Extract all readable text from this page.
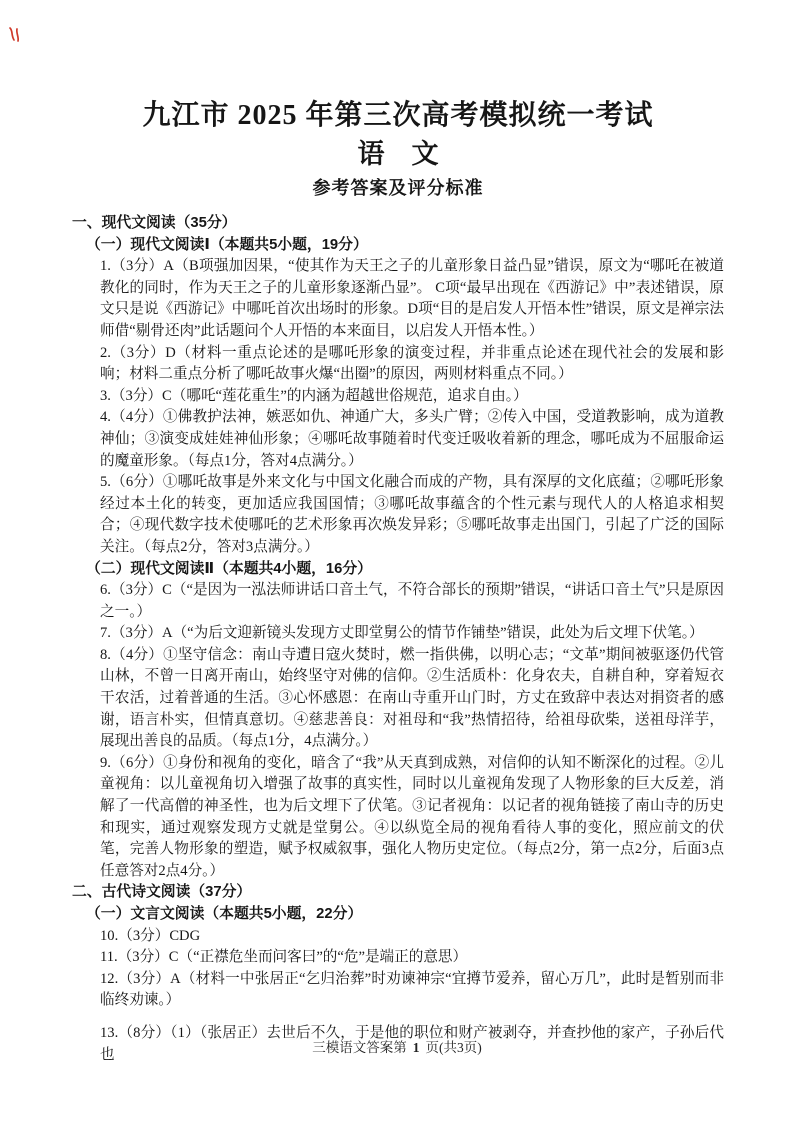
九江市 2025 年第三次高考模拟统一考试
语　文
参考答案及评分标准

一、现代文阅读（35分）

（一）现代文阅读Ⅰ（本题共5小题，19分）

1.（3分）A（B项强加因果，“使其作为天王之子的儿童形象日益凸显”错误，原文为“哪吒在被道教化的同时，作为天王之子的儿童形象逐渐凸显”。 C项“最早出现在《西游记》中”表述错误，原文只是说《西游记》中哪吒首次出场时的形象。D项“目的是启发人开悟本性”错误，原文是禅宗法师借“剔骨还肉”此话题问个人开悟的本来面目，以启发人开悟本性。）

2.（3分）D（材料一重点论述的是哪吒形象的演变过程，并非重点论述在现代社会的发展和影响；材料二重点分析了哪吒故事火爆“出圈”的原因，两则材料重点不同。）

3.（3分）C（哪吒“莲花重生”的内涵为超越世俗规范，追求自由。）

4.（4分）①佛教护法神，嫉恶如仇、神通广大，多头广臂；②传入中国，受道教影响，成为道教神仙；③演变成娃娃神仙形象；④哪吒故事随着时代变迁吸收着新的理念，哪吒成为不屈服命运的魔童形象。（每点1分，答对4点满分。）

5.（6分）①哪吒故事是外来文化与中国文化融合而成的产物，具有深厚的文化底蕴；②哪吒形象经过本土化的转变，更加适应我国国情；③哪吒故事蕴含的个性元素与现代人的人格追求相契合；④现代数字技术使哪吒的艺术形象再次焕发异彩；⑤哪吒故事走出国门，引起了广泛的国际关注。（每点2分，答对3点满分。）

（二）现代文阅读Ⅱ（本题共4小题，16分）

6.（3分）C（“是因为一泓法师讲话口音土气，不符合部长的预期”错误，“讲话口音土气”只是原因之一。）

7.（3分）A（“为后文迎新镜头发现方丈即堂舅公的情节作铺垫”错误，此处为后文埋下伏笔。）

8.（4分）①坚守信念：南山寺遭日寇火焚时，燃一指供佛，以明心志；“文革”期间被驱逐仍代管山林，不曾一日离开南山，始终坚守对佛的信仰。②生活质朴：化身农夫，自耕自种，穿着短衣干农活，过着普通的生活。③心怀感恩：在南山寺重开山门时，方丈在致辞中表达对捐资者的感谢，语言朴实，但情真意切。④慈悲善良：对祖母和“我”热情招待，给祖母砍柴，送祖母洋芋，展现出善良的品质。（每点1分，4点满分。）

9.（6分）①身份和视角的变化，暗含了“我”从天真到成熟，对信仰的认知不断深化的过程。②儿童视角：以儿童视角切入增强了故事的真实性，同时以儿童视角发现了人物形象的巨大反差，消解了一代高僧的神圣性，也为后文埋下了伏笔。③记者视角：以记者的视角链接了南山寺的历史和现实，通过观察发现方丈就是堂舅公。④以纵览全局的视角看待人事的变化，照应前文的伏笔，完善人物形象的塑造，赋予权威叙事，强化人物历史定位。（每点2分，第一点2分，后面3点任意答对2点4分。）

二、古代诗文阅读（37分）

（一）文言文阅读（本题共5小题，22分）

10.（3分）CDG

11.（3分）C（“正襟危坐而问客曰”的“危”是端正的意思）

12.（3分）A（材料一中张居正“乞归治葬”时劝谏神宗“宜撙节爱养，留心万几”，此时是暂别而非临终劝谏。）

13.（8分）（1）（张居正）去世后不久，于是他的职位和财产被剥夺，并查抄他的家产，子孙后代也	三模语文答案第 1 页(共3页)
